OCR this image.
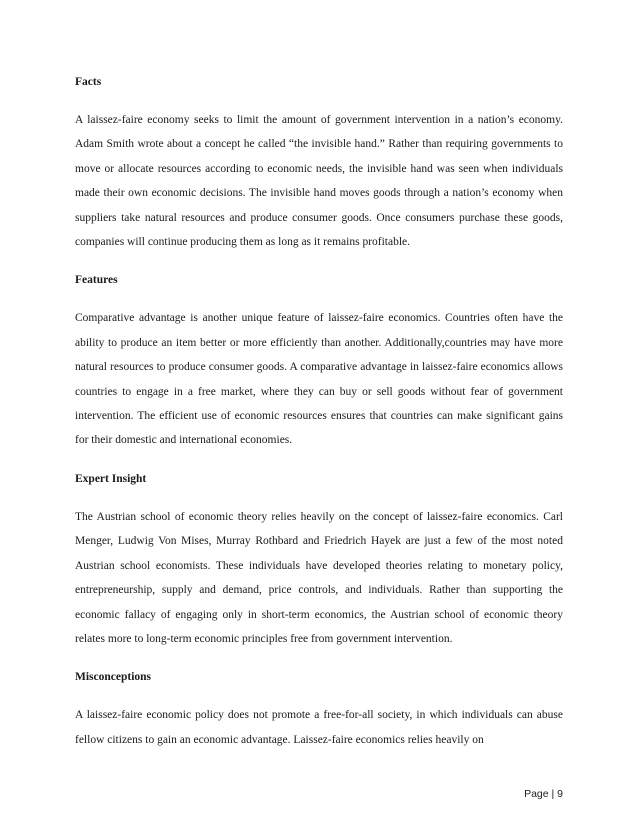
Facts

A laissez-faire economy seeks to limit the amount of government intervention in a nation’s economy. Adam Smith wrote about a concept he called “the invisible hand.” Rather than requiring governments to move or allocate resources according to economic needs, the invisible hand was seen when individuals made their own economic decisions. The invisible hand moves goods through a nation’s economy when suppliers take natural resources and produce consumer goods. Once consumers purchase these goods, companies will continue producing them as long as it remains profitable.

Features

Comparative advantage is another unique feature of laissez-faire economics. Countries often have the ability to produce an item better or more efficiently than another. Additionally,countries may have more natural resources to produce consumer goods. A comparative advantage in laissez-faire economics allows countries to engage in a free market, where they can buy or sell goods without fear of government intervention. The efficient use of economic resources ensures that countries can make significant gains for their domestic and international economies.

Expert Insight

The Austrian school of economic theory relies heavily on the concept of laissez-faire economics. Carl Menger, Ludwig Von Mises, Murray Rothbard and Friedrich Hayek are just a few of the most noted Austrian school economists. These individuals have developed theories relating to monetary policy, entrepreneurship, supply and demand, price controls, and individuals. Rather than supporting the economic fallacy of engaging only in short-term economics, the Austrian school of economic theory relates more to long-term economic principles free from government intervention.

Misconceptions

A laissez-faire economic policy does not promote a free-for-all society, in which individuals can abuse fellow citizens to gain an economic advantage. Laissez-faire economics relies heavily on

Page | 9
